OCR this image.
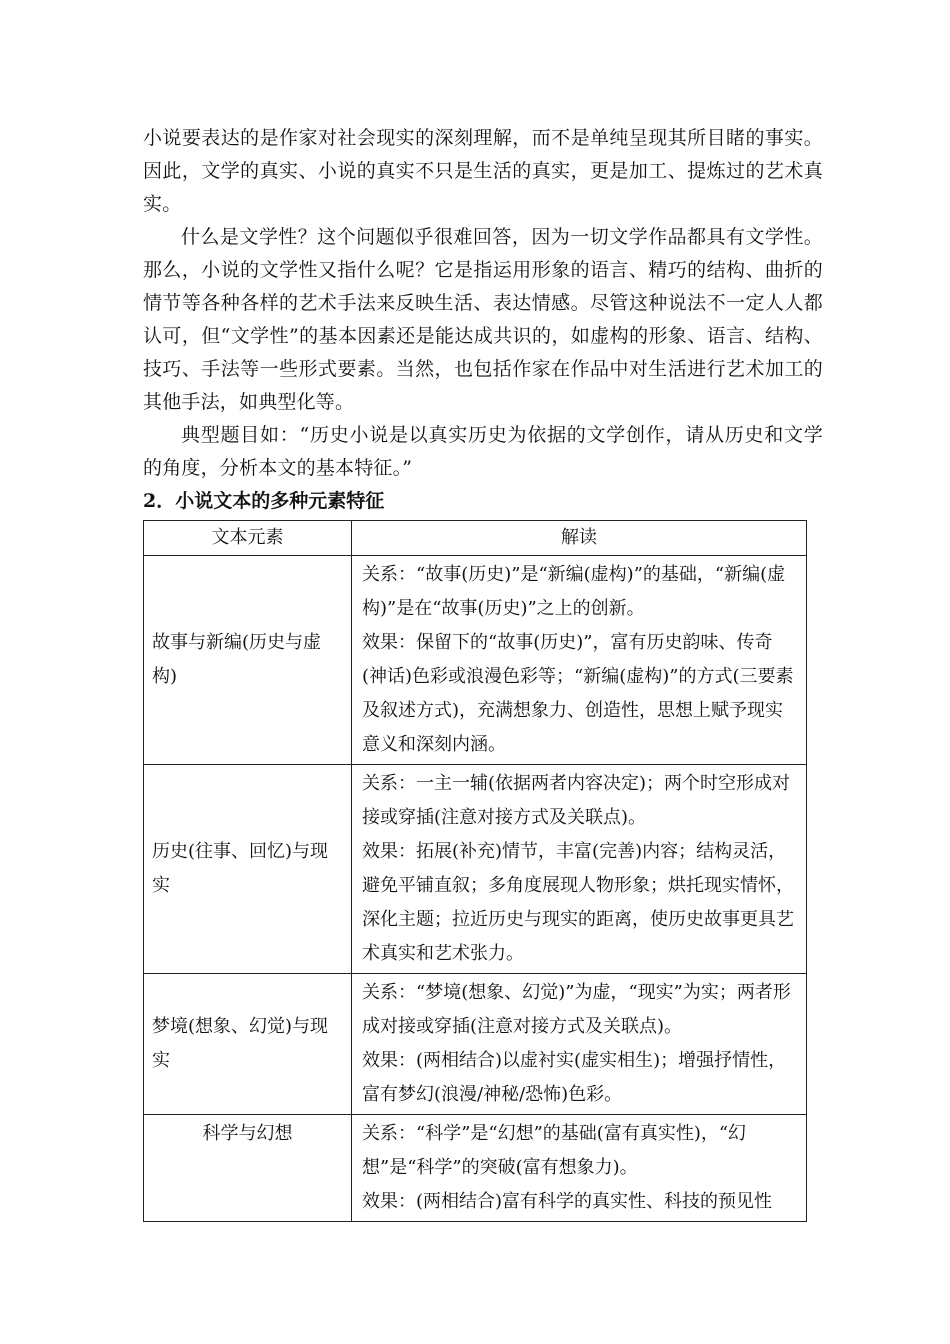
小说要表达的是作家对社会现实的深刻理解，而不是单纯呈现其所目睹的事实。因此，文学的真实、小说的真实不只是生活的真实，更是加工、提炼过的艺术真实。

什么是文学性？这个问题似乎很难回答，因为一切文学作品都具有文学性。那么，小说的文学性又指什么呢？它是指运用形象的语言、精巧的结构、曲折的情节等各种各样的艺术手法来反映生活、表达情感。尽管这种说法不一定人人都认可，但“文学性”的基本因素还是能达成共识的，如虚构的形象、语言、结构、技巧、手法等一些形式要素。当然，也包括作家在作品中对生活进行艺术加工的其他手法，如典型化等。

典型题目如：“历史小说是以真实历史为依据的文学创作，请从历史和文学的角度，分析本文的基本特征。”

2．小说文本的多种元素特征

文本元素	解读
故事与新编(历史与虚构)	关系：“故事(历史)”是“新编(虚构)”的基础，“新编(虚构)”是在“故事(历史)”之上的创新。

效果：保留下的“故事(历史)”，富有历史韵味、传奇(神话)色彩或浪漫色彩等；“新编(虚构)”的方式(三要素及叙述方式)，充满想象力、创造性，思想上赋予现实意义和深刻内涵。

历史(往事、回忆)与现实	关系：一主一辅(依据两者内容决定)；两个时空形成对接或穿插(注意对接方式及关联点)。

效果：拓展(补充)情节，丰富(完善)内容；结构灵活，避免平铺直叙；多角度展现人物形象；烘托现实情怀，深化主题；拉近历史与现实的距离，使历史故事更具艺术真实和艺术张力。

梦境(想象、幻觉)与现实	关系：“梦境(想象、幻觉)”为虚，“现实”为实；两者形成对接或穿插(注意对接方式及关联点)。

效果：(两相结合)以虚衬实(虚实相生)；增强抒情性，富有梦幻(浪漫/神秘/恐怖)色彩。

科学与幻想	关系：“科学”是“幻想”的基础(富有真实性)，“幻想”是“科学”的突破(富有想象力)。

效果：(两相结合)富有科学的真实性、科技的预见性
